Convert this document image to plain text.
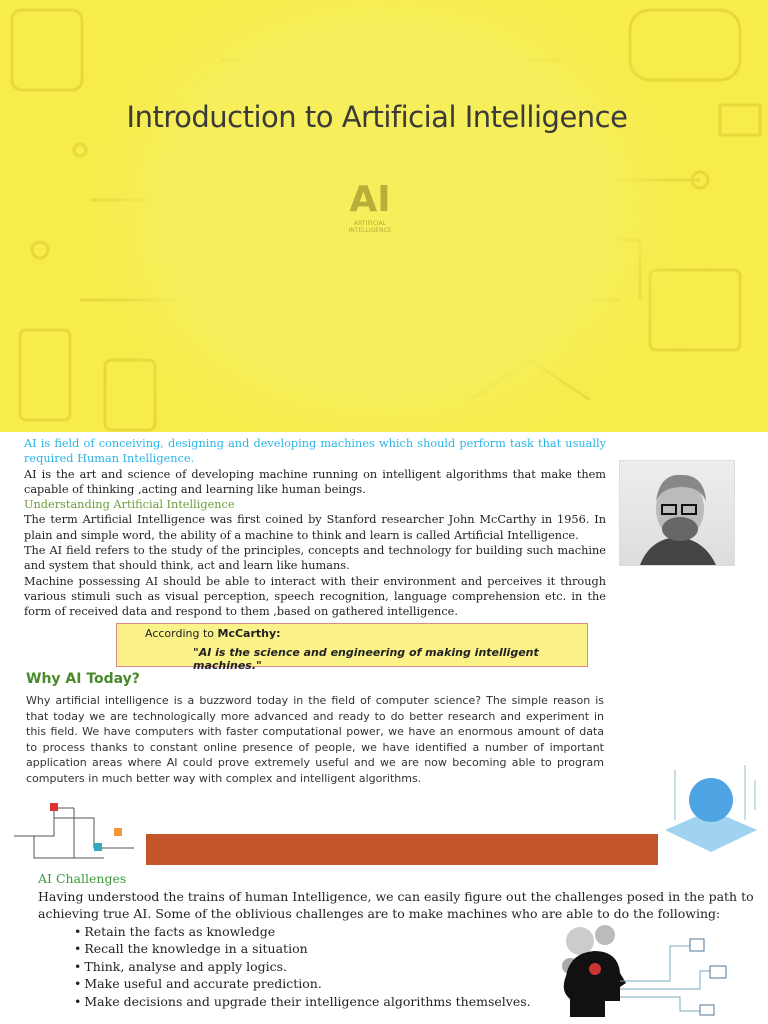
AI
ARTIFICIAL
INTELLIGENCE
Introduction to Artificial Intelligence
AI is field of conceiving, designing and developing machines which should perform task that usually required Human Intelligence.
AI is the art and science of developing machine running on intelligent algorithms that make them capable of thinking ,acting and learning like human beings.
Understanding Artificial Intelligence
The term Artificial Intelligence was first coined by Stanford researcher John McCarthy in 1956. In plain and simple word, the ability of a machine to think and learn is called Artificial Intelligence.
The AI field refers to the study of the principles, concepts and technology for building such machine and system that should think, act and learn like humans.
Machine possessing AI should be able to interact with their environment and perceives it through various stimuli such as visual perception, speech recognition, language comprehension etc. in the form of received data and respond to them ,based on gathered intelligence.
According to McCarthy:
"AI is the science and engineering of making intelligent machines."
Why AI Today?
Why artificial intelligence is a buzzword today in the field of computer science? The simple reason is that today we are technologically more advanced and ready to do better research and experiment in this field. We have computers with faster computational power, we have an enormous amount of data to process thanks to constant online presence of people, we have identified a number of important application areas where AI could prove extremely useful and we are now becoming able to program computers in much better way with complex and intelligent algorithms.
AI Challenges
Having understood the trains of human Intelligence, we can easily figure out the challenges posed in the path to achieving true AI. Some of the oblivious challenges are to make machines who are able to do the following:
• Retain the facts as knowledge
• Recall the knowledge in a situation
• Think, analyse and apply logics.
• Make useful and accurate prediction.
• Make decisions and upgrade their intelligence algorithms themselves.
